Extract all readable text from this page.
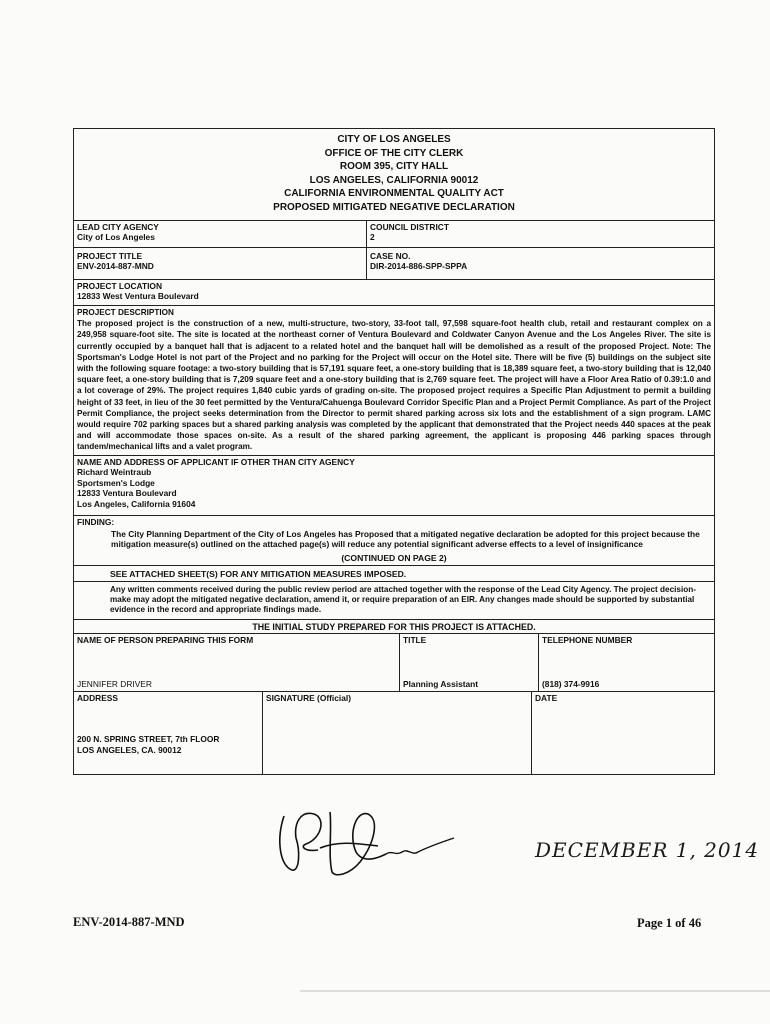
CITY OF LOS ANGELES
OFFICE OF THE CITY CLERK
ROOM 395, CITY HALL
LOS ANGELES, CALIFORNIA 90012
CALIFORNIA ENVIRONMENTAL QUALITY ACT
PROPOSED MITIGATED NEGATIVE DECLARATION
LEAD CITY AGENCY
City of Los Angeles
COUNCIL DISTRICT
2
PROJECT TITLE
ENV-2014-887-MND
CASE NO.
DIR-2014-886-SPP-SPPA
PROJECT LOCATION
12833 West Ventura Boulevard
PROJECT DESCRIPTION
The proposed project is the construction of a new, multi-structure, two-story, 33-foot tall, 97,598 square-foot health club, retail and restaurant complex on a 249,958 square-foot site. The site is located at the northeast corner of Ventura Boulevard and Coldwater Canyon Avenue and the Los Angeles River. The site is currently occupied by a banquet hall that is adjacent to a related hotel and the banquet hall will be demolished as a result of the proposed Project. Note: The Sportsman's Lodge Hotel is not part of the Project and no parking for the Project will occur on the Hotel site. There will be five (5) buildings on the subject site with the following square footage: a two-story building that is 57,191 square feet, a one-story building that is 18,389 square feet, a two-story building that is 12,040 square feet, a one-story building that is 7,209 square feet and a one-story building that is 2,769 square feet. The project will have a Floor Area Ratio of 0.39:1.0 and a lot coverage of 29%. The project requires 1,840 cubic yards of grading on-site. The proposed project requires a Specific Plan Adjustment to permit a building height of 33 feet, in lieu of the 30 feet permitted by the Ventura/Cahuenga Boulevard Corridor Specific Plan and a Project Permit Compliance. As part of the Project Permit Compliance, the project seeks determination from the Director to permit shared parking across six lots and the establishment of a sign program. LAMC would require 702 parking spaces but a shared parking analysis was completed by the applicant that demonstrated that the Project needs 440 spaces at the peak and will accommodate those spaces on-site. As a result of the shared parking agreement, the applicant is proposing 446 parking spaces through tandem/mechanical lifts and a valet program.
NAME AND ADDRESS OF APPLICANT IF OTHER THAN CITY AGENCY
Richard Weintraub
Sportsmen's Lodge
12833 Ventura Boulevard
Los Angeles, California 91604
FINDING:
The City Planning Department of the City of Los Angeles has Proposed that a mitigated negative declaration be adopted for this project because the mitigation measure(s) outlined on the attached page(s) will reduce any potential significant adverse effects to a level of insignificance
(CONTINUED ON PAGE 2)
SEE ATTACHED SHEET(S) FOR ANY MITIGATION MEASURES IMPOSED.
Any written comments received during the public review period are attached together with the response of the Lead City Agency. The project decision-make may adopt the mitigated negative declaration, amend it, or require preparation of an EIR. Any changes made should be supported by substantial evidence in the record and appropriate findings made.
THE INITIAL STUDY PREPARED FOR THIS PROJECT IS ATTACHED.
NAME OF PERSON PREPARING THIS FORM
JENNIFER DRIVER
TITLE
Planning Assistant
TELEPHONE NUMBER
(818) 374-9916
ADDRESS
200 N. SPRING STREET, 7th FLOOR
LOS ANGELES, CA. 90012
SIGNATURE (Official)	DATE
DECEMBER 1, 2014
ENV-2014-887-MND	Page 1 of 46
